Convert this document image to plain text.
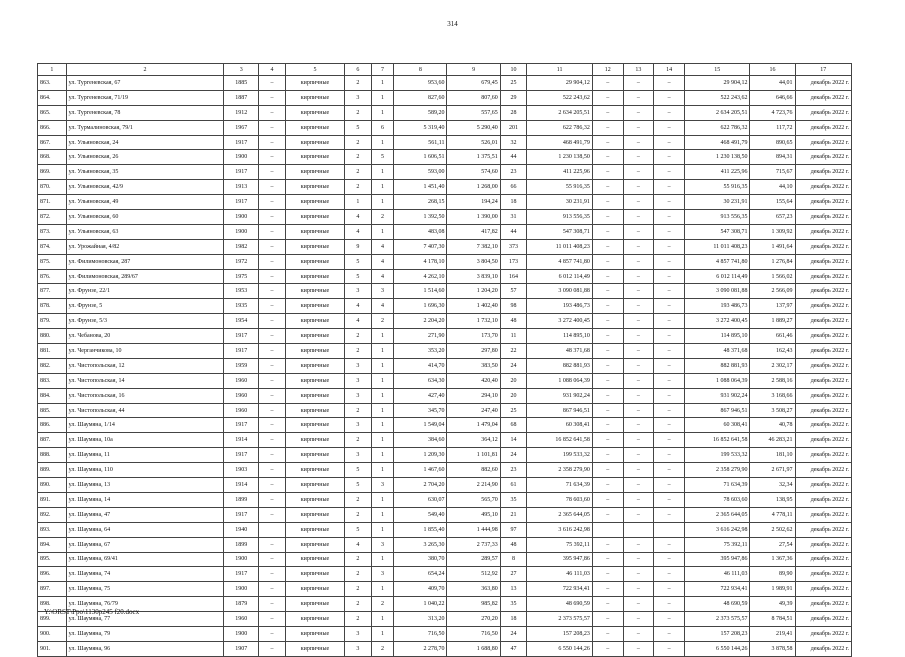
314
1	2	3	4	5	6	7	8	9	10	11	12	13	14	15	16	17
863.	ул. Тургеневская, 67	1885	–	кирпичные	2	1	953,60	679,45	25	29 904,12	–	–	–	29 904,12	44,01	декабрь 2022 г.
864.	ул. Тургеневская, 71/19	1887	–	кирпичные	3	1	827,60	807,60	29	522 243,62	–	–	–	522 243,62	646,66	декабрь 2022 г.
865.	ул. Тургеневская, 78	1912	–	кирпичные	2	1	589,20	557,65	28	2 634 205,51	–	–	–	2 634 205,51	4 723,76	декабрь 2022 г.
866.	ул. Турмалиновская, 79/1	1967	–	кирпичные	5	6	5 319,40	5 290,40	201	622 786,32	–	–	–	622 786,32	117,72	декабрь 2022 г.
867.	ул. Ульяновская, 24	1917	–	кирпичные	2	1	561,11	526,01	32	468 491,79	–	–	–	468 491,79	890,65	декабрь 2022 г.
868.	ул. Ульяновская, 26	1900	–	кирпичные	2	5	1 606,51	1 375,51	44	1 230 138,50	–	–	–	1 230 138,50	894,31	декабрь 2022 г.
869.	ул. Ульяновская, 35	1917	–	кирпичные	2	1	593,00	574,60	23	411 225,96	–	–	–	411 225,96	715,67	декабрь 2022 г.
870.	ул. Ульяновская, 42/9	1913	–	кирпичные	2	1	1 451,40	1 268,00	66	55 916,35	–	–	–	55 916,35	44,10	декабрь 2022 г.
871.	ул. Ульяновская, 49	1917	–	кирпичные	1	1	268,15	194,24	18	30 231,91	–	–	–	30 231,91	155,64	декабрь 2022 г.
872.	ул. Ульяновская, 60	1900	–	кирпичные	4	2	1 392,50	1 390,00	31	913 556,35	–	–	–	913 556,35	657,23	декабрь 2022 г.
873.	ул. Ульяновская, 63	1900	–	кирпичные	4	1	483,08	417,82	44	547 308,71	–	–	–	547 308,71	1 309,92	декабрь 2022 г.
874.	ул. Урожайная, 4/82	1982	–	кирпичные	9	4	7 407,30	7 382,10	373	11 011 408,23	–	–	–	11 011 408,23	1 491,64	декабрь 2022 г.
875.	ул. Филимоновская, 287	1972	–	кирпичные	5	4	4 178,10	3 804,50	173	4 857 741,80	–	–	–	4 857 741,80	1 276,84	декабрь 2022 г.
876.	ул. Филимоновская, 289/67	1975	–	кирпичные	5	4	4 262,10	3 839,10	164	6 012 114,49	–	–	–	6 012 114,49	1 566,02	декабрь 2022 г.
877.	ул. Фрунзе, 22/1	1953	–	кирпичные	3	3	1 514,60	1 204,20	57	3 090 081,88	–	–	–	3 090 081,88	2 566,09	декабрь 2022 г.
878.	ул. Фрунзе, 5	1935	–	кирпичные	4	4	1 696,30	1 402,40	98	193 486,73	–	–	–	193 486,73	137,97	декабрь 2022 г.
879.	ул. Фрунзе, 5/3	1954	–	кирпичные	4	2	2 204,20	1 732,10	48	3 272 400,45	–	–	–	3 272 400,45	1 889,27	декабрь 2022 г.
880.	ул. Чебанова, 20	1917	–	кирпичные	2	1	271,90	173,70	11	114 895,10	–	–	–	114 895,10	661,46	декабрь 2022 г.
881.	ул. Черганчикова, 10	1917	–	кирпичные	2	1	353,20	297,80	22	48 371,68	–	–	–	48 371,68	162,43	декабрь 2022 г.
882.	ул. Чистопольская, 12	1959	–	кирпичные	3	1	414,70	383,50	24	882 881,93	–	–	–	882 881,93	2 302,17	декабрь 2022 г.
883.	ул. Чистопольская, 14	1960	–	кирпичные	3	1	634,30	420,40	20	1 088 064,39	–	–	–	1 088 064,39	2 588,16	декабрь 2022 г.
884.	ул. Чистопольская, 16	1960	–	кирпичные	3	1	427,40	294,10	20	931 902,24	–	–	–	931 902,24	3 168,66	декабрь 2022 г.
885.	ул. Чистопольская, 44	1960	–	кирпичные	2	1	345,70	247,40	25	867 946,51	–	–	–	867 946,51	3 508,27	декабрь 2022 г.
886.	ул. Шаумяна, 1/14	1917	–	кирпичные	3	1	1 549,04	1 479,04	68	60 308,41	–	–	–	60 308,41	40,78	декабрь 2022 г.
887.	ул. Шаумяна, 10а	1914	–	кирпичные	2	1	384,60	364,12	14	16 852 641,58	–	–	–	16 852 641,58	46 283,21	декабрь 2022 г.
888.	ул. Шаумяна, 11	1917	–	кирпичные	3	1	1 209,30	1 101,81	24	199 533,32	–	–	–	199 533,32	181,10	декабрь 2022 г.
889.	ул. Шаумяна, 110	1903	–	кирпичные	5	1	1 467,60	882,60	23	2 358 279,90	–	–	–	2 358 279,90	2 671,97	декабрь 2022 г.
890.	ул. Шаумяна, 13	1914	–	кирпичные	5	3	2 704,20	2 214,90	61	71 634,39	–	–	–	71 634,39	32,34	декабрь 2022 г.
891.	ул. Шаумяна, 14	1899	–	кирпичные	2	1	630,07	565,70	35	78 603,60	–	–	–	78 603,60	138,95	декабрь 2022 г.
892.	ул. Шаумяна, 47	1917	–	кирпичные	2	1	549,40	495,10	21	2 365 644,05	–	–	–	2 365 644,05	4 778,11	декабрь 2022 г.
893.	ул. Шаумяна, 64	1940		кирпичные	5	1	1 855,40	1 444,98	97	3 616 242,98				3 616 242,98	2 502,62	декабрь 2022 г.
894.	ул. Шаумяна, 67	1899	–	кирпичные	4	3	3 265,30	2 737,33	48	75 392,11	–	–	–	75 392,11	27,54	декабрь 2022 г.
895.	ул. Шаумяна, 69/41	1900	–	кирпичные	2	1	380,70	289,57	8	395 947,86	–	–	–	395 947,86	1 367,36	декабрь 2022 г.
896.	ул. Шаумяна, 74	1917	–	кирпичные	2	3	654,24	512,92	27	46 111,03	–	–	–	46 111,03	89,90	декабрь 2022 г.
897.	ул. Шаумяна, 75	1900	–	кирпичные	2	1	409,70	363,80	13	722 934,41	–	–	–	722 934,41	1 989,91	декабрь 2022 г.
898.	ул. Шаумяна, 76/79	1879	–	кирпичные	2	2	1 040,22	985,82	35	48 690,59	–	–	–	48 690,59	49,39	декабрь 2022 г.
899.	ул. Шаумяна, 77	1960	–	кирпичные	2	1	313,20	270,20	18	2 373 575,57	–	–	–	2 373 575,57	8 784,51	декабрь 2022 г.
900.	ул. Шаумяна, 79	1900	–	кирпичные	3	1	716,50	716,50	24	157 208,23	–	–	–	157 208,23	219,41	декабрь 2022 г.
901.	ул. Шаумяна, 96	1907	–	кирпичные	3	2	2 278,70	1 688,80	47	6 550 144,26	–	–	–	6 550 144,26	3 878,58	декабрь 2022 г.
Y:\ORST\Ppo\1130p245 f20.docx
